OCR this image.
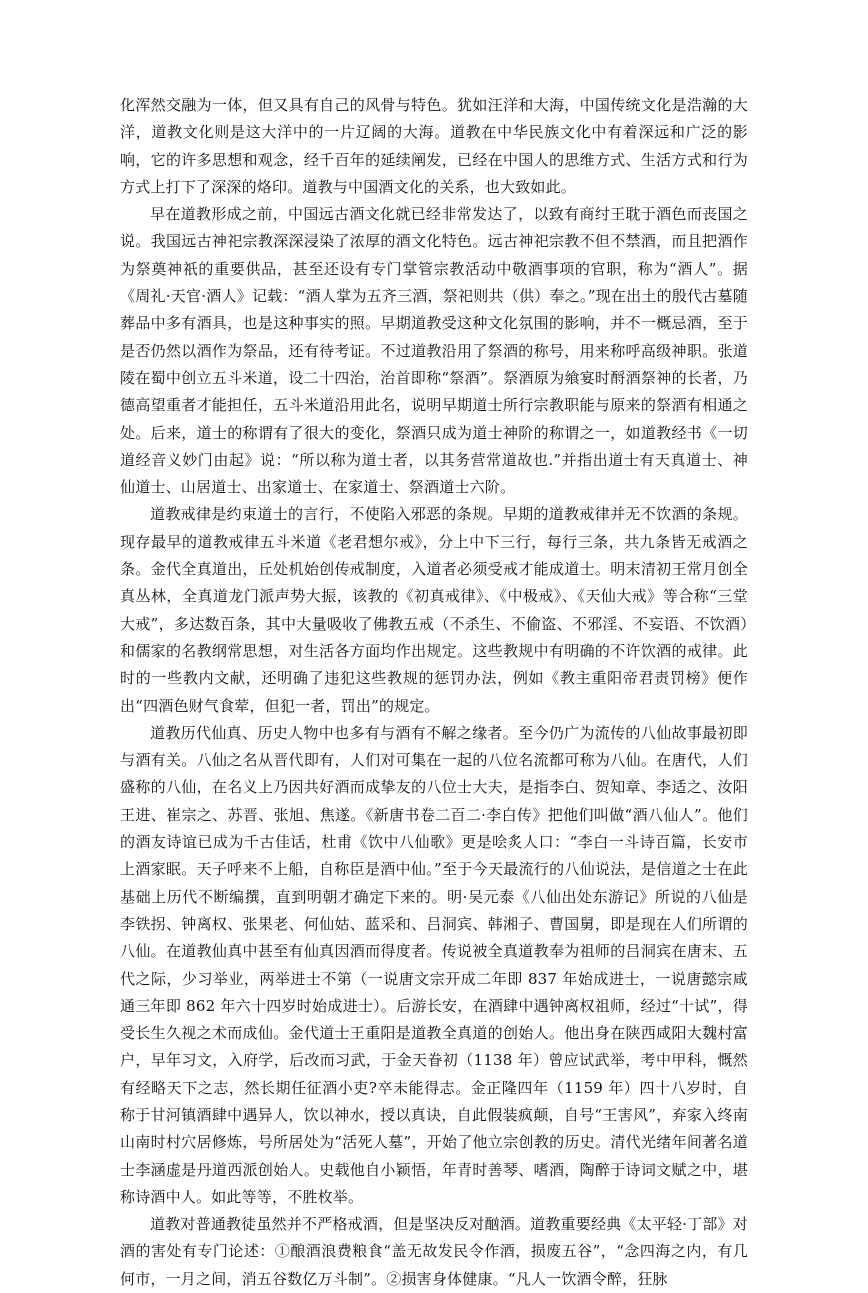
化浑然交融为一体，但又具有自己的风骨与特色。犹如汪洋和大海，中国传统文化是浩瀚的大洋，道教文化则是这大洋中的一片辽阔的大海。道教在中华民族文化中有着深远和广泛的影响，它的许多思想和观念，经千百年的延续阐发，已经在中国人的思维方式、生活方式和行为方式上打下了深深的烙印。道教与中国酒文化的关系，也大致如此。

早在道教形成之前，中国远古酒文化就已经非常发达了，以致有商纣王耽于酒色而丧国之说。我国远古神祀宗教深深浸染了浓厚的酒文化特色。远古神祀宗教不但不禁酒，而且把酒作为祭奠神祇的重要供品，甚至还设有专门掌管宗教活动中敬酒事项的官职，称为“酒人”。据《周礼·天官·酒人》记载：“酒人掌为五齐三酒，祭祀则共（供）奉之。”现在出土的殷代古墓随葬品中多有酒具，也是这种事实的照。早期道教受这种文化氛围的影响，并不一概忌酒，至于是否仍然以酒作为祭品，还有待考证。不过道教沿用了祭酒的称号，用来称呼高级神职。张道陵在蜀中创立五斗米道，设二十四治，治首即称“祭酒”。祭酒原为飨宴时酹酒祭神的长者，乃德高望重者才能担任，五斗米道沿用此名，说明早期道士所行宗教职能与原来的祭酒有相通之处。后来，道士的称谓有了很大的变化，祭酒只成为道士神阶的称谓之一，如道教经书《一切道经音义妙门由起》说：“所以称为道士者，以其务营常道故也.”并指出道士有天真道士、神仙道士、山居道士、出家道士、在家道士、祭酒道士六阶。

道教戒律是约束道士的言行，不使陷入邪恶的条规。早期的道教戒律并无不饮酒的条规。现存最早的道教戒律五斗米道《老君想尔戒》，分上中下三行，每行三条，共九条皆无戒酒之条。金代全真道出，丘处机始创传戒制度，入道者必须受戒才能成道士。明末清初王常月创全真丛林，全真道龙门派声势大振，该教的《初真戒律》、《中极戒》、《天仙大戒》等合称“三堂大戒”，多达数百条，其中大量吸收了佛教五戒（不杀生、不偷盗、不邪淫、不妄语、不饮酒）和儒家的名教纲常思想，对生活各方面均作出规定。这些教规中有明确的不许饮酒的戒律。此时的一些教内文献，还明确了违犯这些教规的惩罚办法，例如《教主重阳帝君责罚榜》便作出“四酒色财气食荤，但犯一者，罚出”的规定。

道教历代仙真、历史人物中也多有与酒有不解之缘者。至今仍广为流传的八仙故事最初即与酒有关。八仙之名从晋代即有，人们对可集在一起的八位名流都可称为八仙。在唐代，人们盛称的八仙，在名义上乃因共好酒而成挚友的八位士大夫，是指李白、贺知章、李适之、汝阳王进、崔宗之、苏晋、张旭、焦遂。《新唐书卷二百二·李白传》把他们叫做“酒八仙人”。他们的酒友诗谊已成为千古佳话，杜甫《饮中八仙歌》更是哙炙人口：“李白一斗诗百篇，长安市上酒家眠。天子呼来不上船，自称臣是酒中仙。”至于今天最流行的八仙说法，是信道之士在此基础上历代不断编撰，直到明朝才确定下来的。明·吴元泰《八仙出处东游记》所说的八仙是李铁拐、钟离权、张果老、何仙姑、蓝采和、吕洞宾、韩湘子、曹国舅，即是现在人们所谓的八仙。在道教仙真中甚至有仙真因酒而得度者。传说被全真道教奉为祖师的吕洞宾在唐末、五代之际，少习举业，两举进士不第（一说唐文宗开成二年即 837 年始成进士，一说唐懿宗咸通三年即 862 年六十四岁时始成进士）。后游长安，在酒肆中遇钟离权祖师，经过“十试”，得受长生久视之术而成仙。金代道士王重阳是道教全真道的创始人。他出身在陕西咸阳大魏村富户，早年习文，入府学，后改而习武，于金天眷初（1138 年）曾应试武举，考中甲科，慨然有经略天下之志，然长期任征酒小吏?卒未能得志。金正隆四年（1159 年）四十八岁时，自称于甘河镇酒肆中遇异人，饮以神水，授以真诀，自此假装疯颠，自号“王害风”，弃家入终南山南时村穴居修炼，号所居处为“活死人墓”，开始了他立宗创教的历史。清代光绪年间著名道士李涵虚是丹道西派创始人。史载他自小颖悟，年青时善琴、嗜酒，陶醉于诗词文赋之中，堪称诗酒中人。如此等等，不胜枚举。

道教对普通教徒虽然并不严格戒酒，但是坚决反对酗酒。道教重要经典《太平轻·丁部》对酒的害处有专门论述：①酿酒浪费粮食“盖无故发民令作酒，损废五谷”，“念四海之内，有几何市，一月之间，消五谷数亿万斗制”。②损害身体健康。“凡人一饮酒令醉，狂脉
